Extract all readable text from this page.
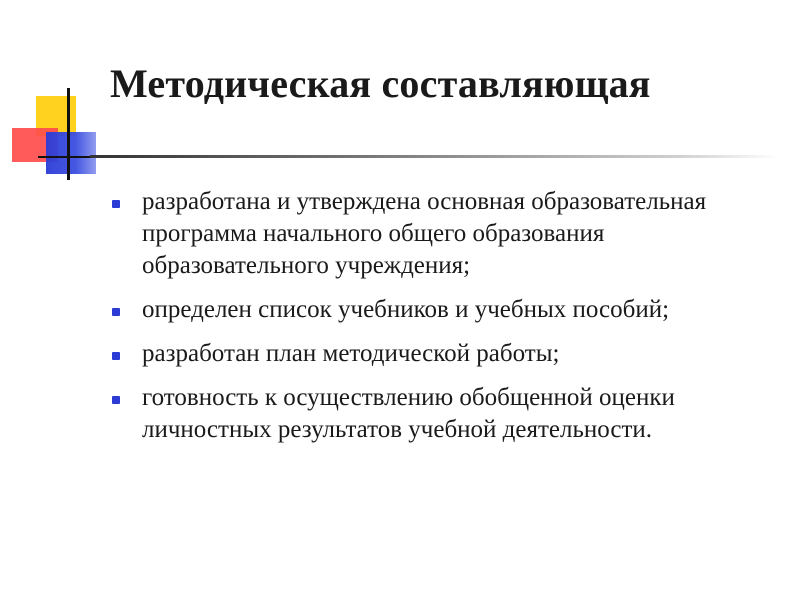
Методическая составляющая
разработана и утверждена основная образовательная программа начального общего образования образовательного учреждения;
определен список учебников и учебных пособий;
разработан план методической работы;
готовность к осуществлению обобщенной оценки личностных результатов учебной деятельности.
